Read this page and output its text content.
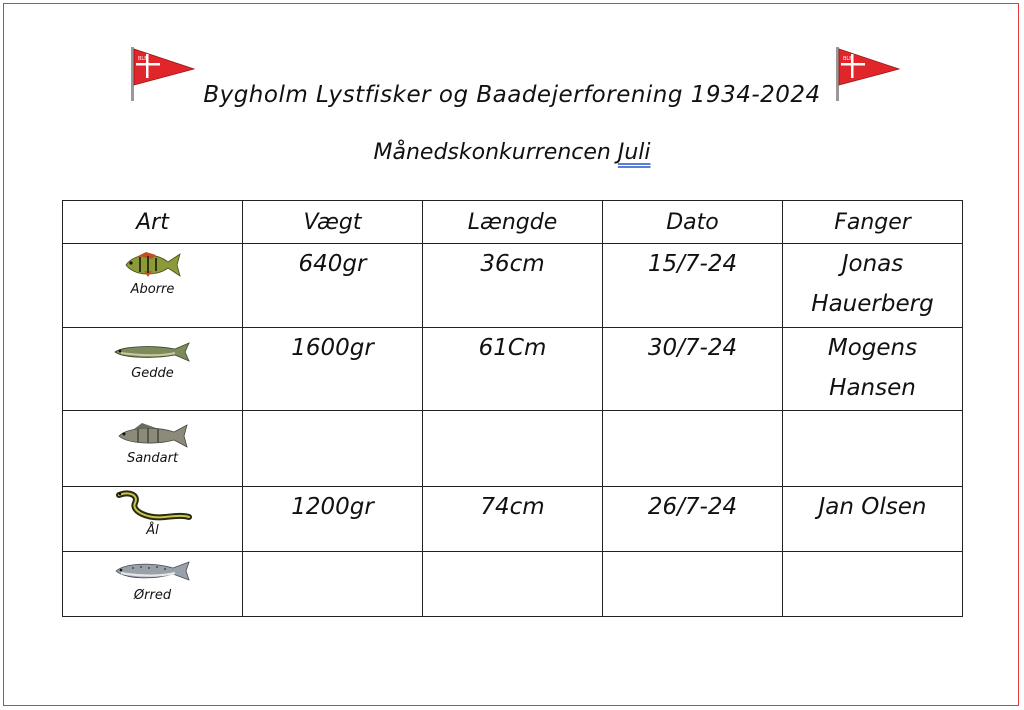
BLB	BLB
Bygholm Lystfisker og Baadejerforening 1934-2024
Månedskonkurrencen Juli
Art	Vægt	Længde	Dato	Fanger

Aborre	640gr	36cm	15/7-24	Jonas Hauerberg

Gedde	1600gr	61Cm	30/7-24	Mogens Hansen

Sandart				

Ål	1200gr	74cm	26/7-24	Jan Olsen

Ørred				
